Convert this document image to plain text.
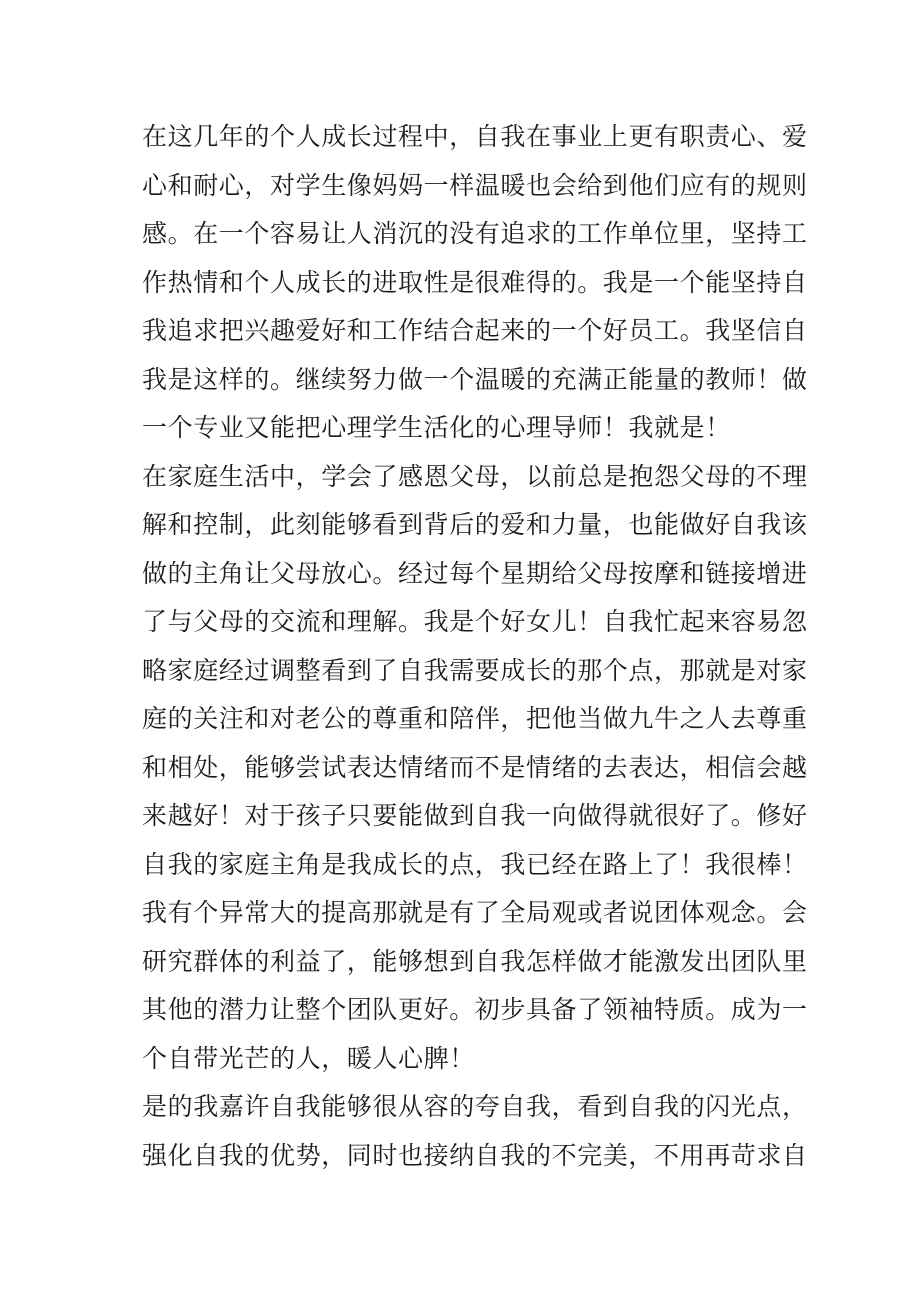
在这几年的个人成长过程中，自我在事业上更有职责心、爱
心和耐心，对学生像妈妈一样温暖也会给到他们应有的规则
感。在一个容易让人消沉的没有追求的工作单位里，坚持工
作热情和个人成长的进取性是很难得的。我是一个能坚持自
我追求把兴趣爱好和工作结合起来的一个好员工。我坚信自
我是这样的。继续努力做一个温暖的充满正能量的教师！做
一个专业又能把心理学生活化的心理导师！我就是！
在家庭生活中，学会了感恩父母，以前总是抱怨父母的不理
解和控制，此刻能够看到背后的爱和力量，也能做好自我该
做的主角让父母放心。经过每个星期给父母按摩和链接增进
了与父母的交流和理解。我是个好女儿！自我忙起来容易忽
略家庭经过调整看到了自我需要成长的那个点，那就是对家
庭的关注和对老公的尊重和陪伴，把他当做九牛之人去尊重
和相处，能够尝试表达情绪而不是情绪的去表达，相信会越
来越好！对于孩子只要能做到自我一向做得就很好了。修好
自我的家庭主角是我成长的点，我已经在路上了！我很棒！
我有个异常大的提高那就是有了全局观或者说团体观念。会
研究群体的利益了，能够想到自我怎样做才能激发出团队里
其他的潜力让整个团队更好。初步具备了领袖特质。成为一
个自带光芒的人，暖人心脾！
是的我嘉许自我能够很从容的夸自我，看到自我的闪光点，
强化自我的优势，同时也接纳自我的不完美，不用再苛求自
